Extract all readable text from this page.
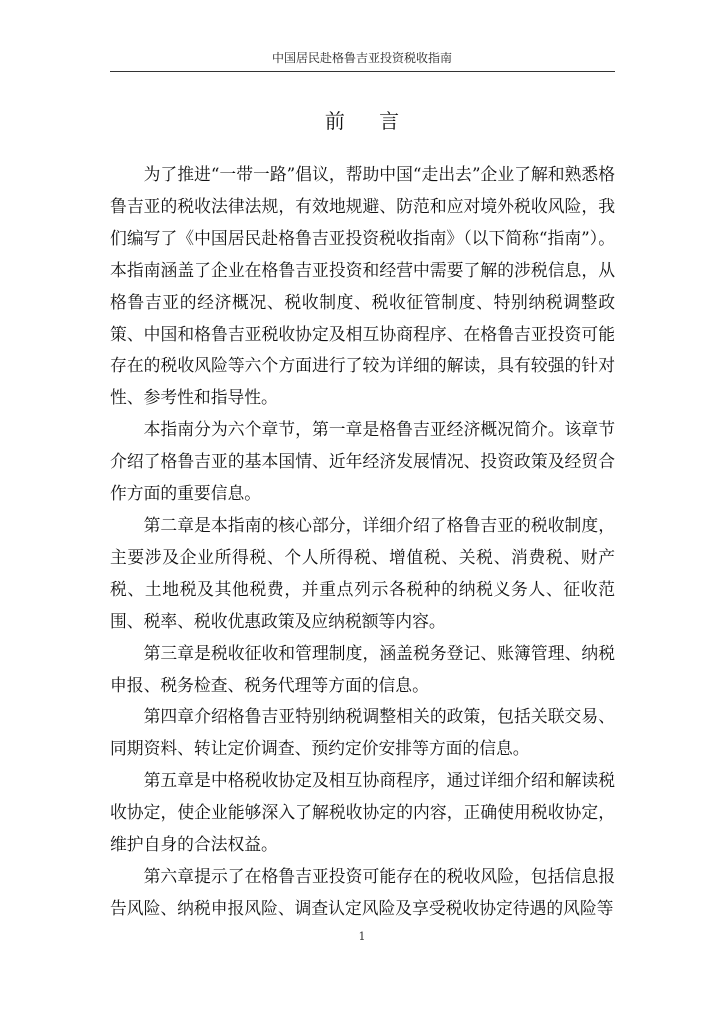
中国居民赴格鲁吉亚投资税收指南
前 言

为了推进“一带一路”倡议，帮助中国“走出去”企业了解和熟悉格鲁吉亚的税收法律法规，有效地规避、防范和应对境外税收风险，我们编写了《中国居民赴格鲁吉亚投资税收指南》（以下简称“指南”）。本指南涵盖了企业在格鲁吉亚投资和经营中需要了解的涉税信息，从格鲁吉亚的经济概况、税收制度、税收征管制度、特别纳税调整政策、中国和格鲁吉亚税收协定及相互协商程序、在格鲁吉亚投资可能存在的税收风险等六个方面进行了较为详细的解读，具有较强的针对性、参考性和指导性。

本指南分为六个章节，第一章是格鲁吉亚经济概况简介。该章节介绍了格鲁吉亚的基本国情、近年经济发展情况、投资政策及经贸合作方面的重要信息。

第二章是本指南的核心部分，详细介绍了格鲁吉亚的税收制度，主要涉及企业所得税、个人所得税、增值税、关税、消费税、财产税、土地税及其他税费，并重点列示各税种的纳税义务人、征收范围、税率、税收优惠政策及应纳税额等内容。

第三章是税收征收和管理制度，涵盖税务登记、账簿管理、纳税申报、税务检查、税务代理等方面的信息。

第四章介绍格鲁吉亚特别纳税调整相关的政策，包括关联交易、同期资料、转让定价调查、预约定价安排等方面的信息。

第五章是中格税收协定及相互协商程序，通过详细介绍和解读税收协定，使企业能够深入了解税收协定的内容，正确使用税收协定，维护自身的合法权益。

第六章提示了在格鲁吉亚投资可能存在的税收风险，包括信息报告风险、纳税申报风险、调查认定风险及享受税收协定待遇的风险等

1
